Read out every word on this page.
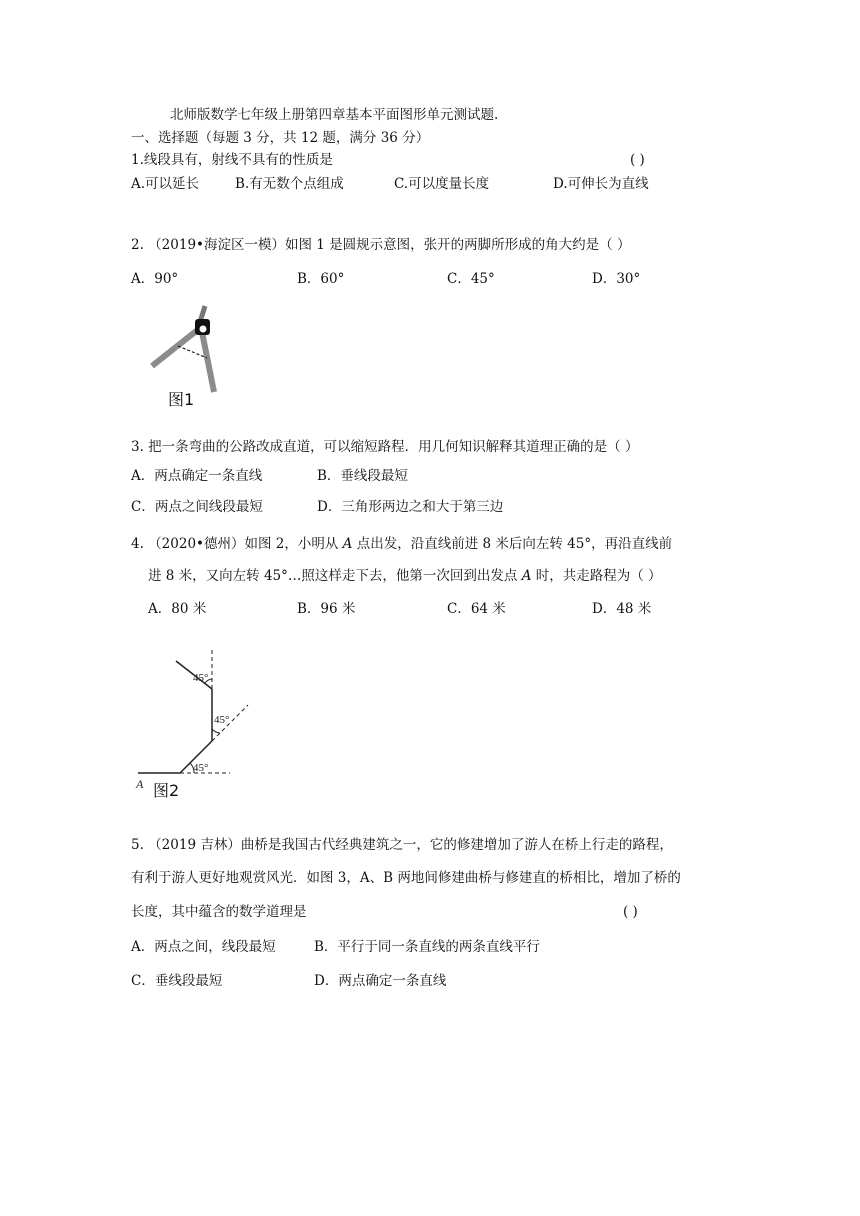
北师版数学七年级上册第四章基本平面图形单元测试题.
一、选择题（每题 3 分，共 12 题，满分 36 分）
1.线段具有，射线不具有的性质是	( )
A.可以延长	B.有无数个点组成	C.可以度量长度	D.可伸长为直线
2. （2019•海淀区一模）如图 1 是圆规示意图，张开的两脚所形成的角大约是（ ）
A．90°	B．60°	C．45°	D．30°
图1
3. 把一条弯曲的公路改成直道，可以缩短路程．用几何知识解释其道理正确的是（ ）
A．两点确定一条直线	B．垂线段最短
C．两点之间线段最短	D．三角形两边之和大于第三边
4. （2020•德州）如图 2，小明从 A 点出发，沿直线前进 8 米后向左转 45°，再沿直线前
进 8 米，又向左转 45°…照这样走下去，他第一次回到出发点 A 时，共走路程为（ ）
A．80 米	B．96 米	C．64 米	D．48 米
45°
45°
45°
A 图2
5. （2019 吉林）曲桥是我国古代经典建筑之一，它的修建增加了游人在桥上行走的路程，
有利于游人更好地观赏风光．如图 3，A、B 两地间修建曲桥与修建直的桥相比，增加了桥的
长度，其中蕴含的数学道理是	( )
A．两点之间，线段最短	B．平行于同一条直线的两条直线平行
C．垂线段最短	D．两点确定一条直线
